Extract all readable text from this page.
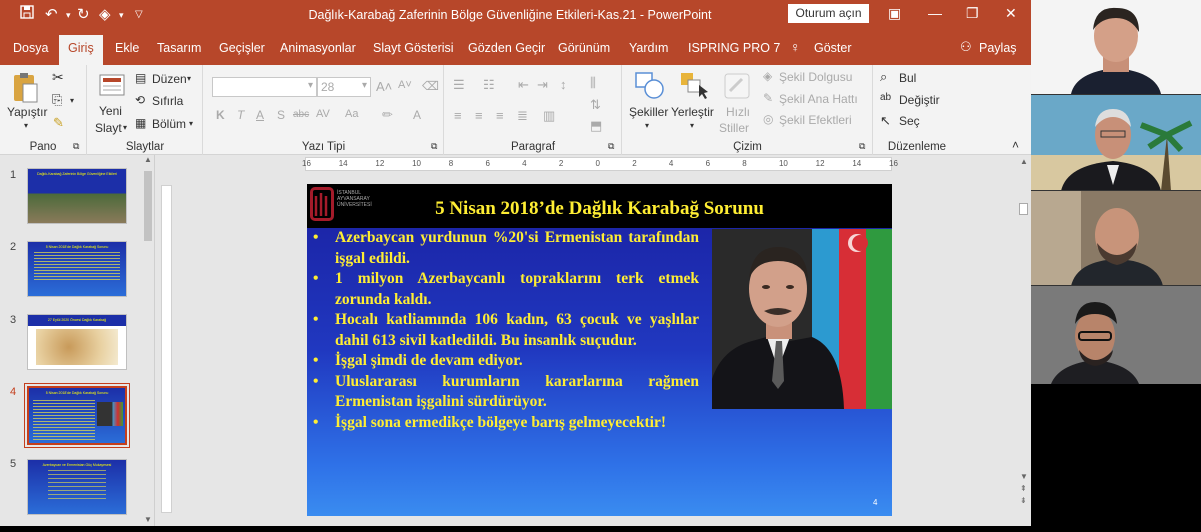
↶ ▾ ↻ ◈ ▾ ▽	Dağlık-Karabağ Zaferinin Bölge Güvenliğine Etkileri-Kas.21 - PowerPoint	Oturum açın	▣ — ❐ ✕
Dosya	Giriş	Ekle Tasarım Geçişler Animasyonlar Slayt Gösterisi Gözden Geçir Görünüm Yardım ISPRING PRO 7 ♀ Göster	⚇ Paylaş
Yapıştır
▾
✂
⎘ ▾
✎
Pano	⧉
Yeni
Slayt ▾
▤ Düzen ▾
⟲ Sıfırla
▦ Bölüm ▾
Slaytlar
▾ 28	▾ A˄ A˅ ⌫
K T A S abc AV Aa ✏ A
Yazı Tipi	⧉
☰ ☷ ⇤ ⇥ ↕ ⫼
≡ ≡ ≡ ≣ ▥
⇅
⬒
Paragraf	⧉
Şekiller
▾
Yerleştir
▾
Hızlı
Stiller
◈ Şekil Dolgusu
✎ Şekil Ana Hattı
◎ Şekil Efektleri
Çizim	⧉
⌕ Bul
ab Değiştir
↖ Seç
Düzenleme	˄
1	Dağlık-Karabağ Zaferinin Bölge Güvenliğine Etkileri
2	5 Nisan 2018'de Dağlık Karabağ Sorunu
3	27 Eylül 2020 Öncesi Dağlık Karabağ
4	5 Nisan 2018'de Dağlık Karabağ Sorunu
5	Azerbaycan ve Ermenistan Güç Mukayesesi
▲
▼
16	14	12	10	8	6	4	2	0	2	4	6	8	10	12	14	16
İSTANBUL AYVANSARAY ÜNİVERSİTESİ	5 Nisan 2018’de Dağlık Karabağ Sorunu
• Azerbaycan yurdunun %20'si Ermenistan tarafından işgal edildi.
• 1 milyon Azerbaycanlı topraklarını terk etmek zorunda kaldı.
• Hocalı katliamında 106 kadın, 63 çocuk ve yaşlılar dahil 613 sivil katledildi. Bu insanlık suçudur.
• İşgal şimdi de devam ediyor.
• Uluslararası kurumların kararlarına rağmen Ermenistan işgalini sürdürüyor.
• İşgal sona ermedikçe bölgeye barış gelmeyecektir!
4
▲
▼
⇞
⇟
